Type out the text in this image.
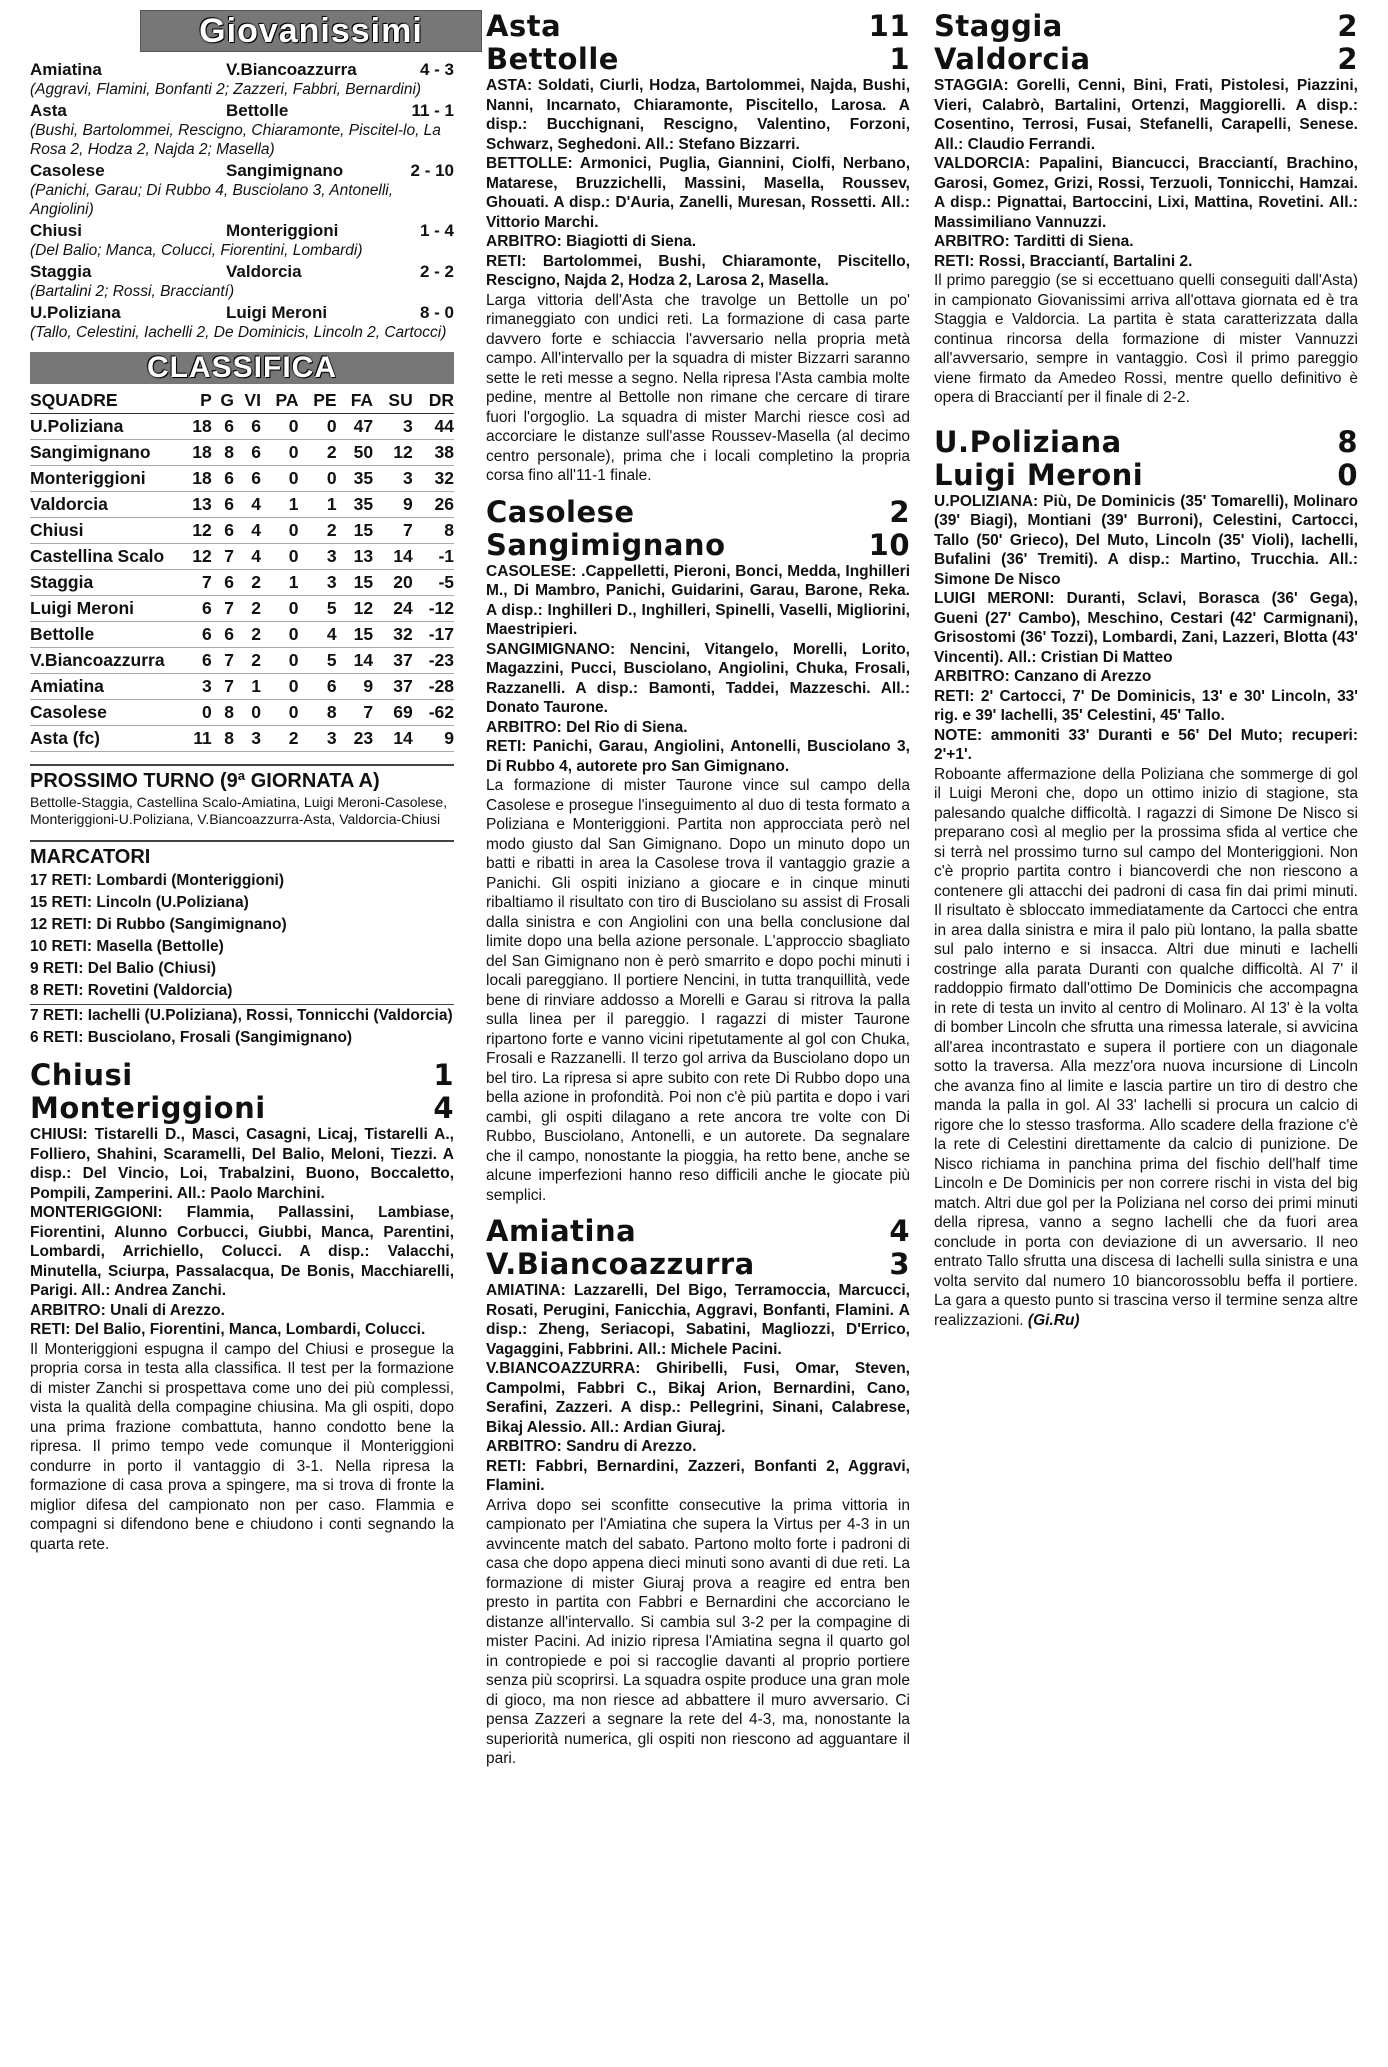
Giovanissimi
Amiatina	V.Biancoazzurra	4 - 3
(Aggravi, Flamini, Bonfanti 2; Zazzeri, Fabbri, Bernardini)
Asta	Bettolle	11 - 1
(Bushi, Bartolommei, Rescigno, Chiaramonte, Piscitel-lo, La Rosa 2, Hodza 2, Najda 2; Masella)
Casolese	Sangimignano	2 - 10
(Panichi, Garau; Di Rubbo 4, Busciolano 3, Antonelli, Angiolini)
Chiusi	Monteriggioni	1 - 4
(Del Balio; Manca, Colucci, Fiorentini, Lombardi)
Staggia	Valdorcia	2 - 2
(Bartalini 2; Rossi, Bracciantí)
U.Poliziana	Luigi Meroni	8 - 0
(Tallo, Celestini, Iachelli 2, De Dominicis, Lincoln 2, Cartocci)
CLASSIFICA
SQUADRE	P	G	VI	PA	PE	FA	SU	DR
U.Poliziana	18	6	6	0	0	47	3	44
Sangimignano	18	8	6	0	2	50	12	38
Monteriggioni	18	6	6	0	0	35	3	32
Valdorcia	13	6	4	1	1	35	9	26
Chiusi	12	6	4	0	2	15	7	8
Castellina Scalo	12	7	4	0	3	13	14	-1
Staggia	7	6	2	1	3	15	20	-5
Luigi Meroni	6	7	2	0	5	12	24	-12
Bettolle	6	6	2	0	4	15	32	-17
V.Biancoazzurra	6	7	2	0	5	14	37	-23
Amiatina	3	7	1	0	6	9	37	-28
Casolese	0	8	0	0	8	7	69	-62
Asta (fc)	11	8	3	2	3	23	14	9
PROSSIMO TURNO (9ª GIORNATA A)
Bettolle-Staggia, Castellina Scalo-Amiatina, Luigi Meroni-Casolese, Monteriggioni-U.Poliziana, V.Biancoazzurra-Asta, Valdorcia-Chiusi
MARCATORI
17 RETI: Lombardi (Monteriggioni)
15 RETI: Lincoln (U.Poliziana)
12 RETI: Di Rubbo (Sangimignano)
10 RETI: Masella (Bettolle)
9 RETI: Del Balio (Chiusi)
8 RETI: Rovetini (Valdorcia)
7 RETI: Iachelli (U.Poliziana), Rossi, Tonnicchi (Valdorcia)
6 RETI: Busciolano, Frosali (Sangimignano)
Chiusi	1
Monteriggioni	4
CHIUSI: Tistarelli D., Masci, Casagni, Licaj, Tistarelli A., Folliero, Shahini, Scaramelli, Del Balio, Meloni, Tiezzi. A disp.: Del Vincio, Loi, Trabalzini, Buono, Boccaletto, Pompili, Zamperini. All.: Paolo Marchini.
MONTERIGGIONI: Flammia, Pallassini, Lambiase, Fiorentini, Alunno Corbucci, Giubbi, Manca, Parentini, Lombardi, Arrichiello, Colucci. A disp.: Valacchi, Minutella, Sciurpa, Passalacqua, De Bonis, Macchiarelli, Parigi. All.: Andrea Zanchi.
ARBITRO: Unali di Arezzo.
RETI: Del Balio, Fiorentini, Manca, Lombardi, Colucci.
Il Monteriggioni espugna il campo del Chiusi e prosegue la propria corsa in testa alla classifica. Il test per la formazione di mister Zanchi si prospettava come uno dei più complessi, vista la qualità della compagine chiusina. Ma gli ospiti, dopo una prima frazione combattuta, hanno condotto bene la ripresa. Il primo tempo vede comunque il Monteriggioni condurre in porto il vantaggio di 3-1. Nella ripresa la formazione di casa prova a spingere, ma si trova di fronte la miglior difesa del campionato non per caso. Flammia e compagni si difendono bene e chiudono i conti segnando la quarta rete.
Asta	11
Bettolle	1
ASTA: Soldati, Ciurli, Hodza, Bartolommei, Najda, Bushi, Nanni, Incarnato, Chiaramonte, Piscitello, Larosa. A disp.: Bucchignani, Rescigno, Valentino, Forzoni, Schwarz, Seghedoni. All.: Stefano Bizzarri.
BETTOLLE: Armonici, Puglia, Giannini, Ciolfi, Nerbano, Matarese, Bruzzichelli, Massini, Masella, Roussev, Ghouati. A disp.: D'Auria, Zanelli, Muresan, Rossetti. All.: Vittorio Marchi.
ARBITRO: Biagiotti di Siena.
RETI: Bartolommei, Bushi, Chiaramonte, Piscitello, Rescigno, Najda 2, Hodza 2, Larosa 2, Masella.
Larga vittoria dell'Asta che travolge un Bettolle un po' rimaneggiato con undici reti. La formazione di casa parte davvero forte e schiaccia l'avversario nella propria metà campo. All'intervallo per la squadra di mister Bizzarri saranno sette le reti messe a segno. Nella ripresa l'Asta cambia molte pedine, mentre al Bettolle non rimane che cercare di tirare fuori l'orgoglio. La squadra di mister Marchi riesce così ad accorciare le distanze sull'asse Roussev-Masella (al decimo centro personale), prima che i locali completino la propria corsa fino all'11-1 finale.
Casolese	2
Sangimignano	10
CASOLESE: .Cappelletti, Pieroni, Bonci, Medda, Inghilleri M., Di Mambro, Panichi, Guidarini, Garau, Barone, Reka. A disp.: Inghilleri D., Inghilleri, Spinelli, Vaselli, Migliorini, Maestripieri.
SANGIMIGNANO: Nencini, Vitangelo, Morelli, Lorito, Magazzini, Pucci, Busciolano, Angiolini, Chuka, Frosali, Razzanelli. A disp.: Bamonti, Taddei, Mazzeschi. All.: Donato Taurone.
ARBITRO: Del Rio di Siena.
RETI: Panichi, Garau, Angiolini, Antonelli, Busciolano 3, Di Rubbo 4, autorete pro San Gimignano.
La formazione di mister Taurone vince sul campo della Casolese e prosegue l'inseguimento al duo di testa formato a Poliziana e Monteriggioni. Partita non approcciata però nel modo giusto dal San Gimignano. Dopo un minuto dopo un batti e ribatti in area la Casolese trova il vantaggio grazie a Panichi. Gli ospiti iniziano a giocare e in cinque minuti ribaltiamo il risultato con tiro di Busciolano su assist di Frosali dalla sinistra e con Angiolini con una bella conclusione dal limite dopo una bella azione personale. L'approccio sbagliato del San Gimignano non è però smarrito e dopo pochi minuti i locali pareggiano. Il portiere Nencini, in tutta tranquillità, vede bene di rinviare addosso a Morelli e Garau si ritrova la palla sulla linea per il pareggio. I ragazzi di mister Taurone ripartono forte e vanno vicini ripetutamente al gol con Chuka, Frosali e Razzanelli. Il terzo gol arriva da Busciolano dopo un bel tiro. La ripresa si apre subito con rete Di Rubbo dopo una bella azione in profondità. Poi non c'è più partita e dopo i vari cambi, gli ospiti dilagano a rete ancora tre volte con Di Rubbo, Busciolano, Antonelli, e un autorete. Da segnalare che il campo, nonostante la pioggia, ha retto bene, anche se alcune imperfezioni hanno reso difficili anche le giocate più semplici.
Amiatina	4
V.Biancoazzurra	3
AMIATINA: Lazzarelli, Del Bigo, Terramoccia, Marcucci, Rosati, Perugini, Fanicchia, Aggravi, Bonfanti, Flamini. A disp.: Zheng, Seriacopi, Sabatini, Magliozzi, D'Errico, Vagaggini, Fabbrini. All.: Michele Pacini.
V.BIANCOAZZURRA: Ghiribelli, Fusi, Omar, Steven, Campolmi, Fabbri C., Bikaj Arion, Bernardini, Cano, Serafini, Zazzeri. A disp.: Pellegrini, Sinani, Calabrese, Bikaj Alessio. All.: Ardian Giuraj.
ARBITRO: Sandru di Arezzo.
RETI: Fabbri, Bernardini, Zazzeri, Bonfanti 2, Aggravi, Flamini.
Arriva dopo sei sconfitte consecutive la prima vittoria in campionato per l'Amiatina che supera la Virtus per 4-3 in un avvincente match del sabato. Partono molto forte i padroni di casa che dopo appena dieci minuti sono avanti di due reti. La formazione di mister Giuraj prova a reagire ed entra ben presto in partita con Fabbri e Bernardini che accorciano le distanze all'intervallo. Si cambia sul 3-2 per la compagine di mister Pacini. Ad inizio ripresa l'Amiatina segna il quarto gol in contropiede e poi si raccoglie davanti al proprio portiere senza più scoprirsi. La squadra ospite produce una gran mole di gioco, ma non riesce ad abbattere il muro avversario. Ci pensa Zazzeri a segnare la rete del 4-3, ma, nonostante la superiorità numerica, gli ospiti non riescono ad agguantare il pari.
Staggia	2
Valdorcia	2
STAGGIA: Gorelli, Cenni, Bini, Frati, Pistolesi, Piazzini, Vieri, Calabrò, Bartalini, Ortenzi, Maggiorelli. A disp.: Cosentino, Terrosi, Fusai, Stefanelli, Carapelli, Senese. All.: Claudio Ferrandi.
VALDORCIA: Papalini, Biancucci, Bracciantí, Brachino, Garosi, Gomez, Grizi, Rossi, Terzuoli, Tonnicchi, Hamzai. A disp.: Pignattai, Bartoccini, Lixi, Mattina, Rovetini. All.: Massimiliano Vannuzzi.
ARBITRO: Tarditti di Siena.
RETI: Rossi, Bracciantí, Bartalini 2.
Il primo pareggio (se si eccettuano quelli conseguiti dall'Asta) in campionato Giovanissimi arriva all'ottava giornata ed è tra Staggia e Valdorcia. La partita è stata caratterizzata dalla continua rincorsa della formazione di mister Vannuzzi all'avversario, sempre in vantaggio. Così il primo pareggio viene firmato da Amedeo Rossi, mentre quello definitivo è opera di Bracciantí per il finale di 2-2.
U.Poliziana	8
Luigi Meroni	0
U.POLIZIANA: Più, De Dominicis (35' Tomarelli), Molinaro (39' Biagi), Montiani (39' Burroni), Celestini, Cartocci, Tallo (50' Grieco), Del Muto, Lincoln (35' Violi), Iachelli, Bufalini (36' Tremiti). A disp.: Martino, Trucchia. All.: Simone De Nisco
LUIGI MERONI: Duranti, Sclavi, Borasca (36' Gega), Gueni (27' Cambo), Meschino, Cestari (42' Carmignani), Grisostomi (36' Tozzi), Lombardi, Zani, Lazzeri, Blotta (43' Vincenti). All.: Cristian Di Matteo
ARBITRO: Canzano di Arezzo
RETI: 2' Cartocci, 7' De Dominicis, 13' e 30' Lincoln, 33' rig. e 39' Iachelli, 35' Celestini, 45' Tallo.
NOTE: ammoniti 33' Duranti e 56' Del Muto; recuperi: 2'+1'.
Roboante affermazione della Poliziana che sommerge di gol il Luigi Meroni che, dopo un ottimo inizio di stagione, sta palesando qualche difficoltà. I ragazzi di Simone De Nisco si preparano così al meglio per la prossima sfida al vertice che si terrà nel prossimo turno sul campo del Monteriggioni. Non c'è proprio partita contro i biancoverdi che non riescono a contenere gli attacchi dei padroni di casa fin dai primi minuti. Il risultato è sbloccato immediatamente da Cartocci che entra in area dalla sinistra e mira il palo più lontano, la palla sbatte sul palo interno e si insacca. Altri due minuti e Iachelli costringe alla parata Duranti con qualche difficoltà. Al 7' il raddoppio firmato dall'ottimo De Dominicis che accompagna in rete di testa un invito al centro di Molinaro. Al 13' è la volta di bomber Lincoln che sfrutta una rimessa laterale, si avvicina all'area incontrastato e supera il portiere con un diagonale sotto la traversa. Alla mezz'ora nuova incursione di Lincoln che avanza fino al limite e lascia partire un tiro di destro che manda la palla in gol. Al 33' Iachelli si procura un calcio di rigore che lo stesso trasforma. Allo scadere della frazione c'è la rete di Celestini direttamente da calcio di punizione. De Nisco richiama in panchina prima del fischio dell'half time Lincoln e De Dominicis per non correre rischi in vista del big match. Altri due gol per la Poliziana nel corso dei primi minuti della ripresa, vanno a segno Iachelli che da fuori area conclude in porta con deviazione di un avversario. Il neo entrato Tallo sfrutta una discesa di Iachelli sulla sinistra e una volta servito dal numero 10 biancorossoblu beffa il portiere. La gara a questo punto si trascina verso il termine senza altre realizzazioni. (Gi.Ru)
